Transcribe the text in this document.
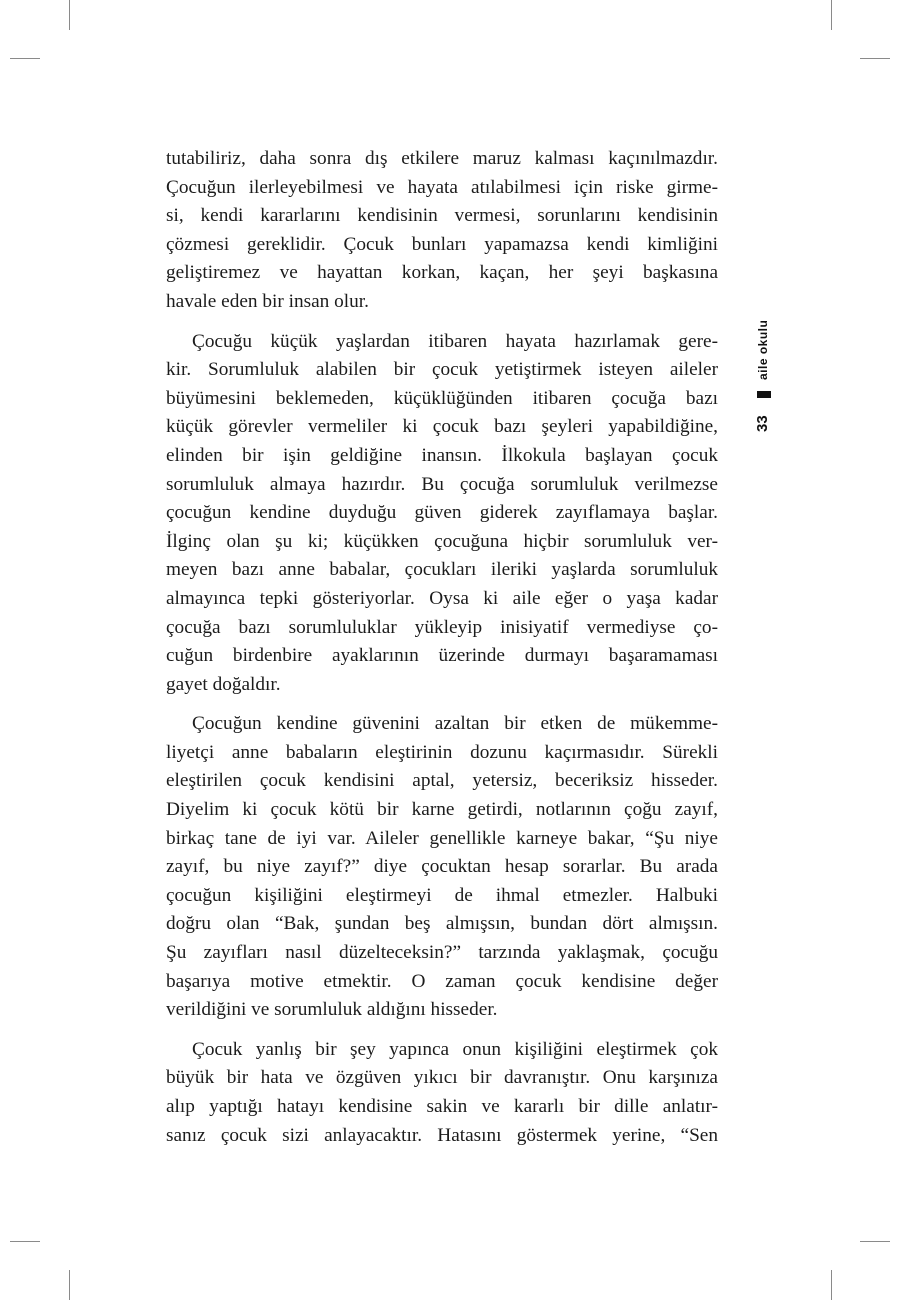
tutabiliriz, daha sonra dış etkilere maruz kalması kaçınılmazdır.
Çocuğun ilerleyebilmesi ve hayata atılabilmesi için riske girme-
si, kendi kararlarını kendisinin vermesi, sorunlarını kendisinin
çözmesi gereklidir. Çocuk bunları yapamazsa kendi kimliğini
geliştiremez ve hayattan korkan, kaçan, her şeyi başkasına
havale eden bir insan olur.

Çocuğu küçük yaşlardan itibaren hayata hazırlamak gere-
kir. Sorumluluk alabilen bir çocuk yetiştirmek isteyen aileler
büyümesini beklemeden, küçüklüğünden itibaren çocuğa bazı
küçük görevler vermeliler ki çocuk bazı şeyleri yapabildiğine,
elinden bir işin geldiğine inansın. İlkokula başlayan çocuk
sorumluluk almaya hazırdır. Bu çocuğa sorumluluk verilmezse
çocuğun kendine duyduğu güven giderek zayıflamaya başlar.
İlginç olan şu ki; küçükken çocuğuna hiçbir sorumluluk ver-
meyen bazı anne babalar, çocukları ileriki yaşlarda sorumluluk
almayınca tepki gösteriyorlar. Oysa ki aile eğer o yaşa kadar
çocuğa bazı sorumluluklar yükleyip inisiyatif vermediyse ço-
cuğun birdenbire ayaklarının üzerinde durmayı başaramaması
gayet doğaldır.

Çocuğun kendine güvenini azaltan bir etken de mükemme-
liyetçi anne babaların eleştirinin dozunu kaçırmasıdır. Sürekli
eleştirilen çocuk kendisini aptal, yetersiz, beceriksiz hisseder.
Diyelim ki çocuk kötü bir karne getirdi, notlarının çoğu zayıf,
birkaç tane de iyi var. Aileler genellikle karneye bakar, “Şu niye
zayıf, bu niye zayıf?” diye çocuktan hesap sorarlar. Bu arada
çocuğun kişiliğini eleştirmeyi de ihmal etmezler. Halbuki
doğru olan “Bak, şundan beş almışsın, bundan dört almışsın.
Şu zayıfları nasıl düzelteceksin?” tarzında yaklaşmak, çocuğu
başarıya motive etmektir. O zaman çocuk kendisine değer
verildiğini ve sorumluluk aldığını hisseder.

Çocuk yanlış bir şey yapınca onun kişiliğini eleştirmek çok
büyük bir hata ve özgüven yıkıcı bir davranıştır. Onu karşınıza
alıp yaptığı hatayı kendisine sakin ve kararlı bir dille anlatır-
sanız çocuk sizi anlayacaktır. Hatasını göstermek yerine, “Sen

aile okulu
33
